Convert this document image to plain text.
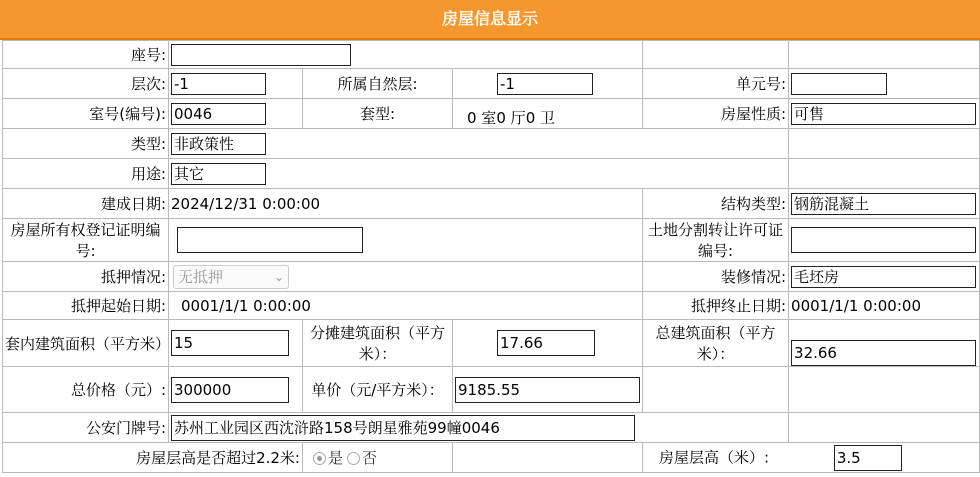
房屋信息显示
座号:			
层次:	-1	所属自然层:	-1	单元号:	
室号(编号):	0046	套型:	0 室0 厅0 卫	房屋性质:	可售
类型:	非政策性	
用途:	其它	
建成日期:	2024/12/31 0:00:00			结构类型:	钢筋混凝土
房屋所有权登记证明编号:				土地分割转让许可证编号:	
抵押情况:	无抵押 ⌄			装修情况:	毛坯房
抵押起始日期:	0001/1/1 0:00:00			抵押终止日期:	0001/1/1 0:00:00
套内建筑面积（平方米）	15	分摊建筑面积（平方米）：	17.66	总建筑面积（平方米）：	32.66
总价格（元）:	300000	单价（元/平方米）：	9185.55		
公安门牌号:	苏州工业园区西沈浒路158号朗星雅苑99幢0046	
房屋层高是否超过2.2米:		是 否		房屋层高（米）: 3.5
